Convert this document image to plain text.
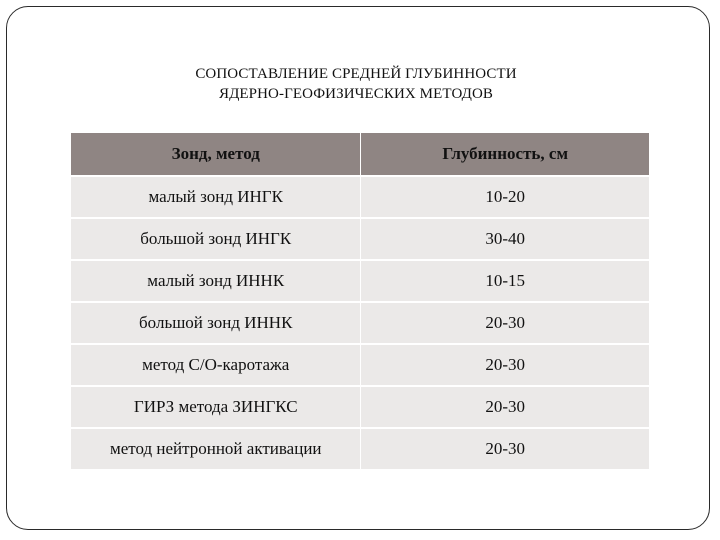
СОПОСТАВЛЕНИЕ СРЕДНЕЙ ГЛУБИННОСТИ
ЯДЕРНО-ГЕОФИЗИЧЕСКИХ МЕТОДОВ
Зонд, метод	Глубинность, см
малый зонд ИНГК	10-20
большой зонд ИНГК	30-40
малый зонд ИННК	10-15
большой зонд ИННК	20-30
метод С/О-каротажа	20-30
ГИРЗ метода ЗИНГКС	20-30
метод нейтронной активации	20-30
